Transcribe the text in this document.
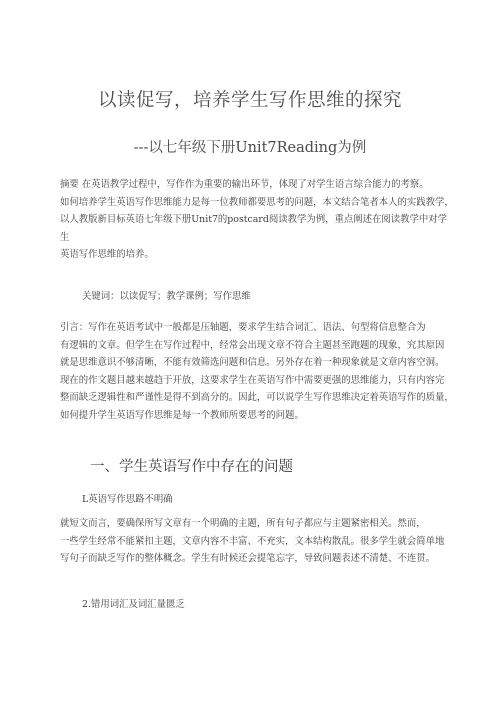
以读促写，培养学生写作思维的探究
---以七年级下册Unit7Reading为例

摘要 在英语教学过程中，写作作为重要的输出环节，体现了对学生语言综合能力的考察。
如何培养学生英语写作思维能力是每一位教师都要思考的问题，本文结合笔者本人的实践教学，
以人教版新目标英语七年级下册Unit7的postcard阅读教学为例，重点阐述在阅读教学中对学生
英语写作思维的培养。

关键词：以读促写；教学课例；写作思维

引言：写作在英语考试中一般都是压轴题，要求学生结合词汇、语法、句型将信息整合为
有逻辑的文章。但学生在写作过程中，经常会出现文章不符合主题甚至跑题的现象，究其原因
就是思维意识不够清晰，不能有效筛选问题和信息。另外存在着一种现象就是文章内容空洞。
现在的作文题目越来越趋于开放，这要求学生在英语写作中需要更强的思维能力，只有内容完
整而缺乏逻辑性和严谨性是得不到高分的。因此，可以说学生写作思维决定着英语写作的质量，
如何提升学生英语写作思维是每一个教师所要思考的问题。

一、学生英语写作中存在的问题
L英语写作思路不明确

就短文而言，要确保所写文章有一个明确的主题，所有句子都应与主题紧密相关。然而，
一些学生经常不能紧扣主题，文章内容不丰富、不充实，文本结构散乱。很多学生就会简单地
写句子而缺乏写作的整体概念。学生有时候还会提笔忘字，导致问题表述不清楚、不连贯。

2.错用词汇及词汇量匮乏
